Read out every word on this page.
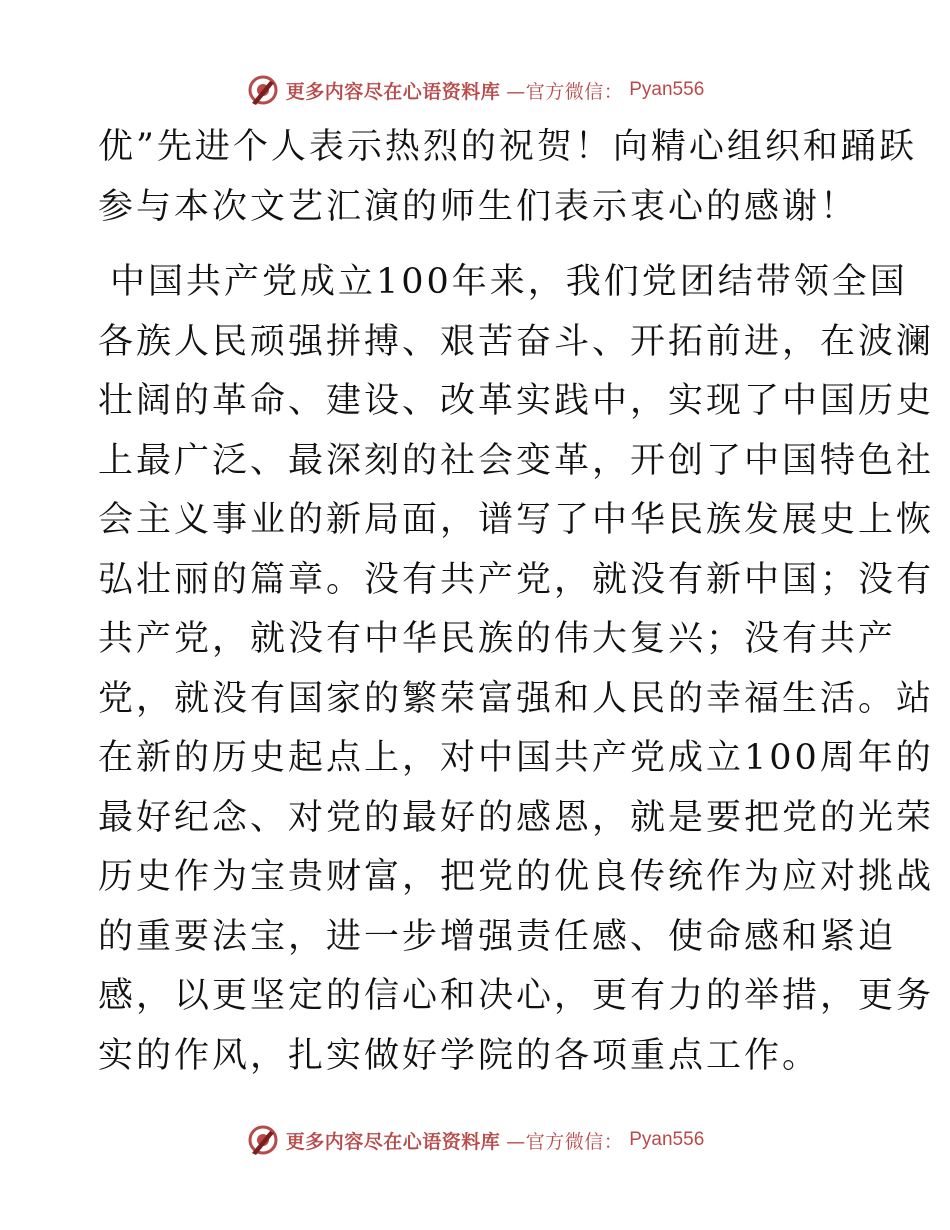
更多内容尽在心语资料库 —官方微信： Pyan556
优”先进个人表示热烈的祝贺！向精心组织和踊跃
参与本次文艺汇演的师生们表示衷心的感谢！
中国共产党成立100年来，我们党团结带领全国
各族人民顽强拼搏、艰苦奋斗、开拓前进，在波澜
壮阔的革命、建设、改革实践中，实现了中国历史
上最广泛、最深刻的社会变革，开创了中国特色社
会主义事业的新局面，谱写了中华民族发展史上恢
弘壮丽的篇章。没有共产党，就没有新中国；没有
共产党，就没有中华民族的伟大复兴；没有共产
党，就没有国家的繁荣富强和人民的幸福生活。站
在新的历史起点上，对中国共产党成立100周年的
最好纪念、对党的最好的感恩，就是要把党的光荣
历史作为宝贵财富，把党的优良传统作为应对挑战
的重要法宝，进一步增强责任感、使命感和紧迫
感，以更坚定的信心和决心，更有力的举措，更务
实的作风，扎实做好学院的各项重点工作。
更多内容尽在心语资料库 —官方微信： Pyan556
